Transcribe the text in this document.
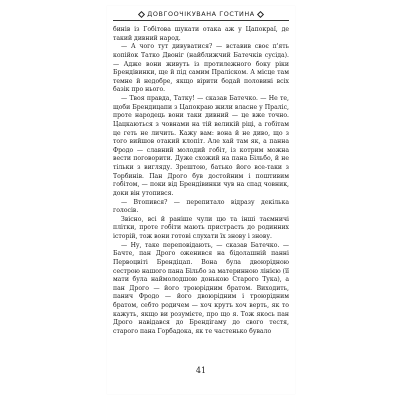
ДОВГООЧІКУВАНА ГОСТИНА

бинів із Гобітова шукати отака аж у Цапокраї, де такий дивний народ.

— А чого тут дивуватися? — вставив своє п'ять копійок Татко Двоніг (найближчий Батечків сусіда). — Адже вони живуть із протилежного боку ріки Брендівинки, ще й під самим Праліском. А місце там темне й недобре, якщо вірити бодай половині всіх базік про нього.

— Твоя правда, Татку! — сказав Батечко. — Не те, щоби Брендицапи з Цапокраю жили власне у Праліс, проте народець вони таки дивний — це вже точно. Цацкаються з човнами на тій великій ріці, а гобітам це геть не личить. Кажу вам: вона й не диво, що з того вийшов отакий клопіт. Але хай там як, а панна Фродо — славний молодий гобіт, із котрим можна вести поговорити. Дуже схожий на пана Більбо, й не тільки з вигляду. Зрештою, батько його все-таки з Торбинів. Пан Дрого був достойним і поштивим гобітом, — поки від Брендівинки чув на спад човник, доки він утопився.

— Втопився? — перепитало відразу декілька голосів.

Звісно, всі й раніше чули цю та інші таємничі плітки, проте гобіти мають пристрасть до родинних історій, тож вони готові слухати їх знову і знову.

— Ну, таке переповідають, — сказав Батечко. — Бачте, пан Дрого оженився на бідолашній панні Первоцвіті Брендіцап. Вона була двоюрідною сестрою нашого пана Більбо за материнною лінією (її мати була наймолодшою донькою Старого Тука), а пан Дрого — його троюрідним братом. Виходить, панич Фродо — його двоюрідним і троюрідним братом, себто родичем — хоч крутъ хоч верть, як то кажуть, якщо ви розумієте, про що я. Тож якось пан Дрого навідався до Брендігаму до свого тестя, старого пана Горбадока, як те частенько бувало

41
